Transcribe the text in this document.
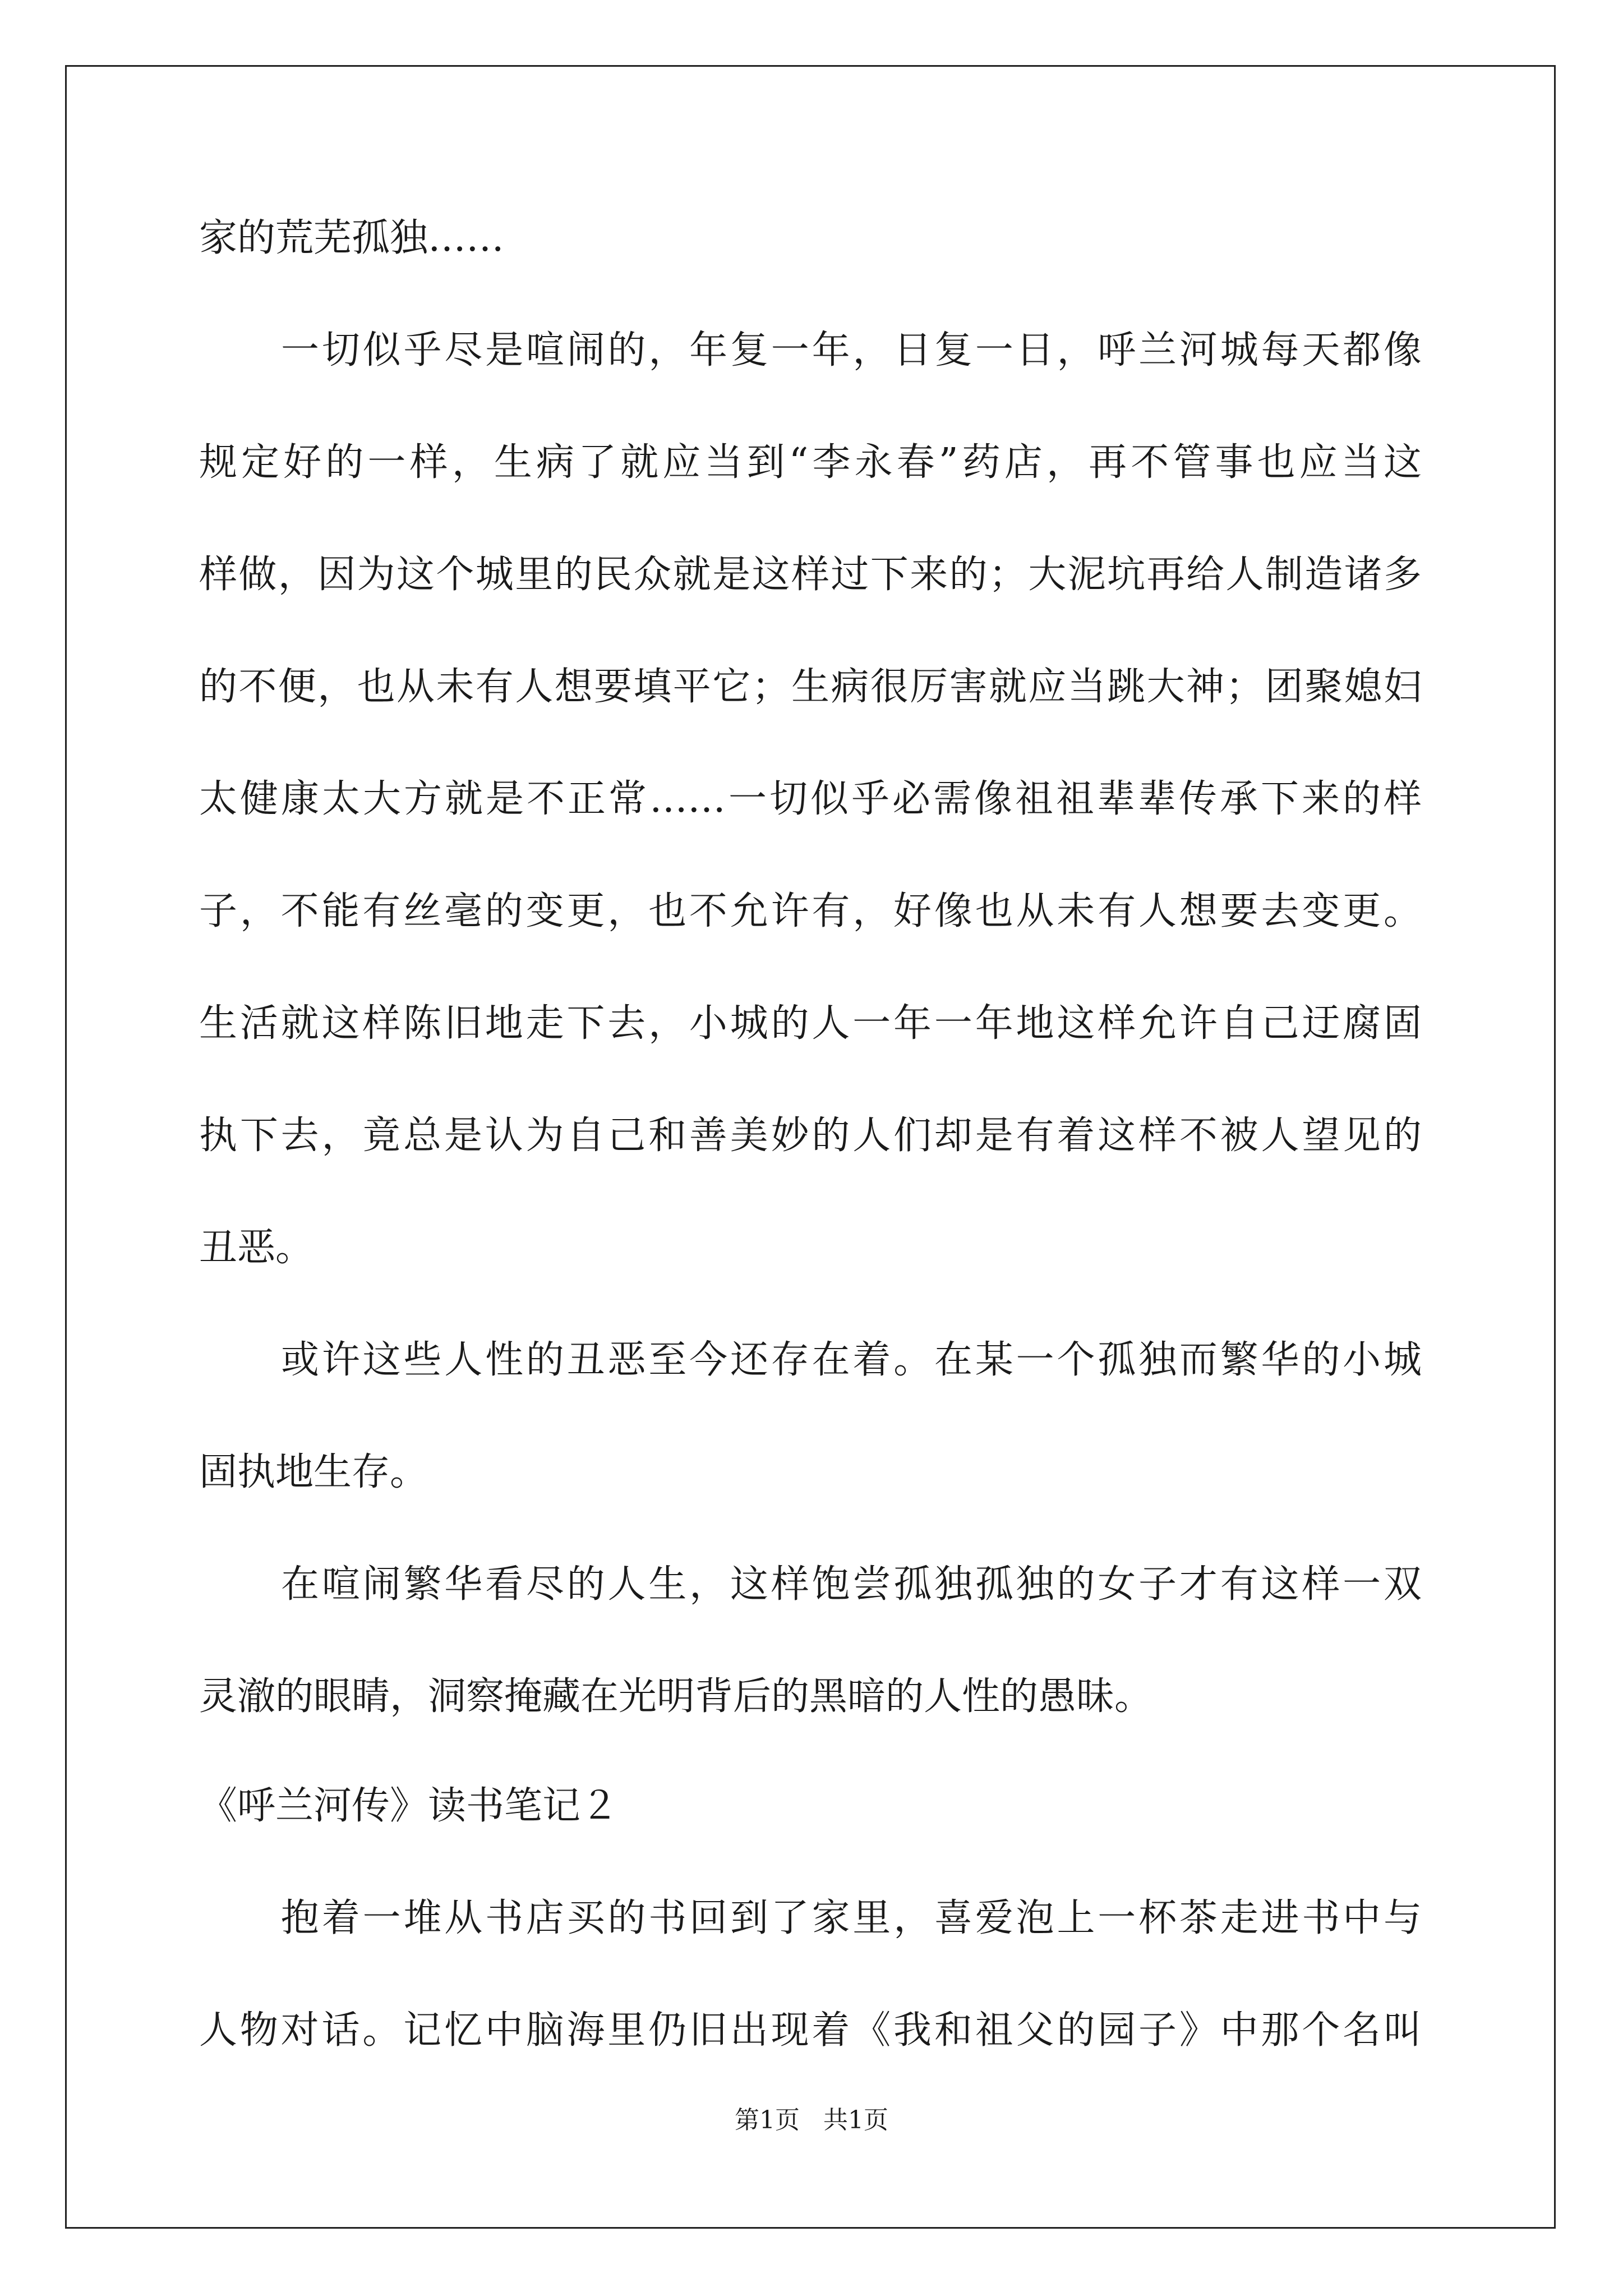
家的荒芜孤独……
一切似乎尽是喧闹的，年复一年，日复一日，呼兰河城每天都像
规定好的一样，生病了就应当到“李永春”药店，再不管事也应当这
样做，因为这个城里的民众就是这样过下来的；大泥坑再给人制造诸多
的不便，也从未有人想要填平它；生病很厉害就应当跳大神；团聚媳妇
太健康太大方就是不正常……一切似乎必需像祖祖辈辈传承下来的样
子，不能有丝毫的变更，也不允许有，好像也从未有人想要去变更。
生活就这样陈旧地走下去，小城的人一年一年地这样允许自己迂腐固
执下去，竟总是认为自己和善美妙的人们却是有着这样不被人望见的
丑恶。
或许这些人性的丑恶至今还存在着。在某一个孤独而繁华的小城
固执地生存。
在喧闹繁华看尽的人生，这样饱尝孤独孤独的女子才有这样一双
灵澈的眼睛，洞察掩藏在光明背后的黑暗的人性的愚昧。
《呼兰河传》读书笔记２
抱着一堆从书店买的书回到了家里，喜爱泡上一杯茶走进书中与
人物对话。记忆中脑海里仍旧出现着《我和祖父的园子》中那个名叫
第1页 共1页
